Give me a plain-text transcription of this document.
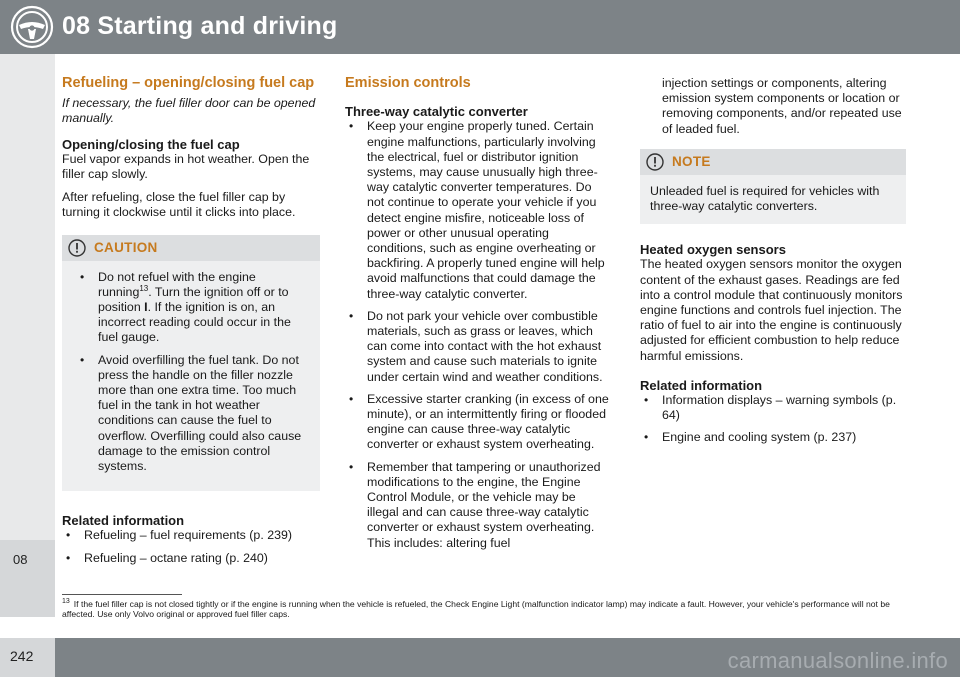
08 Starting and driving
08
Refueling – opening/closing fuel cap

If necessary, the fuel filler door can be opened manually.

Opening/closing the fuel cap

Fuel vapor expands in hot weather. Open the filler cap slowly.

After refueling, close the fuel filler cap by turning it clockwise until it clicks into place.

CAUTION
• Do not refuel with the engine running$^{13}$. Turn the ignition off or to position I. If the ignition is on, an incorrect reading could occur in the fuel gauge.
• Avoid overfilling the fuel tank. Do not press the handle on the filler nozzle more than one extra time. Too much fuel in the tank in hot weather conditions can cause the fuel to overflow. Overfilling could also cause damage to the emission control systems.
Related information
• Refueling – fuel requirements (p. 239)
• Refueling – octane rating (p. 240)
Emission controls
Three-way catalytic converter
• Keep your engine properly tuned. Certain engine malfunctions, particularly involving the electrical, fuel or distributor ignition systems, may cause unusually high three-way catalytic converter temperatures. Do not continue to operate your vehicle if you detect engine misfire, noticeable loss of power or other unusual operating conditions, such as engine overheating or backfiring. A properly tuned engine will help avoid malfunctions that could damage the three-way catalytic converter.
• Do not park your vehicle over combustible materials, such as grass or leaves, which can come into contact with the hot exhaust system and cause such materials to ignite under certain wind and weather conditions.
• Excessive starter cranking (in excess of one minute), or an intermittently firing or flooded engine can cause three-way catalytic converter or exhaust system overheating.
• Remember that tampering or unauthorized modifications to the engine, the Engine Control Module, or the vehicle may be illegal and can cause three-way catalytic converter or exhaust system overheating. This includes: altering fuel

injection settings or components, altering emission system components or location or removing components, and/or repeated use of leaded fuel.

NOTE
Unleaded fuel is required for vehicles with three-way catalytic converters.
Heated oxygen sensors

The heated oxygen sensors monitor the oxygen content of the exhaust gases. Readings are fed into a control module that continuously monitors engine functions and controls fuel injection. The ratio of fuel to air into the engine is continuously adjusted for efficient combustion to help reduce harmful emissions.

Related information
• Information displays – warning symbols (p. 64)
• Engine and cooling system (p. 237)
$^{13}$ If the fuel filler cap is not closed tightly or if the engine is running when the vehicle is refueled, the Check Engine Light (malfunction indicator lamp) may indicate a fault. However, your vehicle's performance will not be affected. Use only Volvo original or approved fuel filler caps.
242	carmanualsonline.info
